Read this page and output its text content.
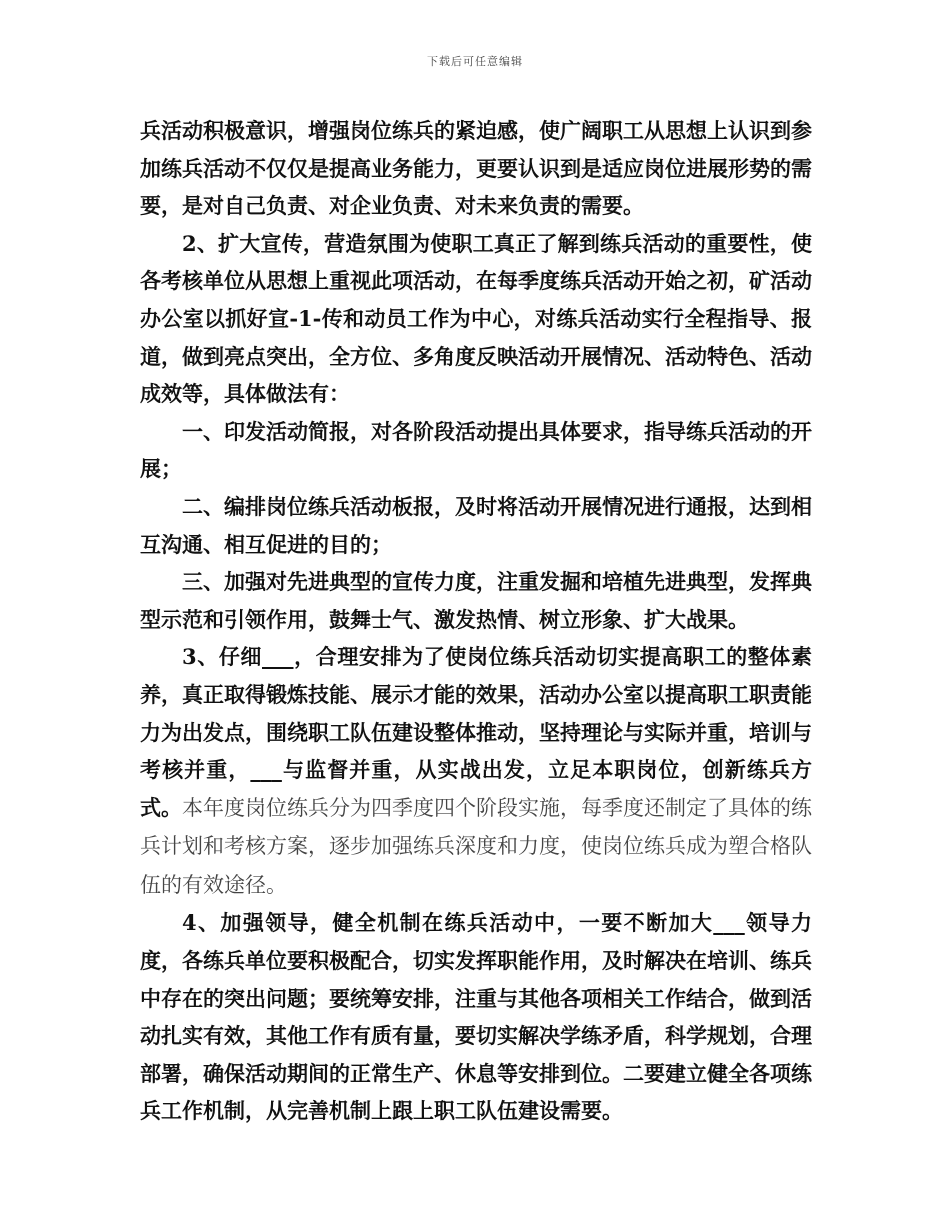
下载后可任意编辑

兵活动积极意识，增强岗位练兵的紧迫感，使广阔职工从思想上认识到参加练兵活动不仅仅是提高业务能力，更要认识到是适应岗位进展形势的需要，是对自己负责、对企业负责、对未来负责的需要。

2、扩大宣传，营造氛围为使职工真正了解到练兵活动的重要性，使各考核单位从思想上重视此项活动，在每季度练兵活动开始之初，矿活动办公室以抓好宣-1-传和动员工作为中心，对练兵活动实行全程指导、报道，做到亮点突出，全方位、多角度反映活动开展情况、活动特色、活动成效等，具体做法有：

一、印发活动简报，对各阶段活动提出具体要求，指导练兵活动的开展；

二、编排岗位练兵活动板报，及时将活动开展情况进行通报，达到相互沟通、相互促进的目的；

三、加强对先进典型的宣传力度，注重发掘和培植先进典型，发挥典型示范和引领作用，鼓舞士气、激发热情、树立形象、扩大战果。

3、仔细___，合理安排为了使岗位练兵活动切实提高职工的整体素养，真正取得锻炼技能、展示才能的效果，活动办公室以提高职工职责能力为出发点，围绕职工队伍建设整体推动，坚持理论与实际并重，培训与考核并重，___与监督并重，从实战出发，立足本职岗位，创新练兵方式。本年度岗位练兵分为四季度四个阶段实施，每季度还制定了具体的练兵计划和考核方案，逐步加强练兵深度和力度，使岗位练兵成为塑合格队伍的有效途径。

4、加强领导，健全机制在练兵活动中，一要不断加大___领导力度，各练兵单位要积极配合，切实发挥职能作用，及时解决在培训、练兵中存在的突出问题；要统筹安排，注重与其他各项相关工作结合，做到活动扎实有效，其他工作有质有量，要切实解决学练矛盾，科学规划，合理部署，确保活动期间的正常生产、休息等安排到位。二要建立健全各项练兵工作机制，从完善机制上跟上职工队伍建设需要。
